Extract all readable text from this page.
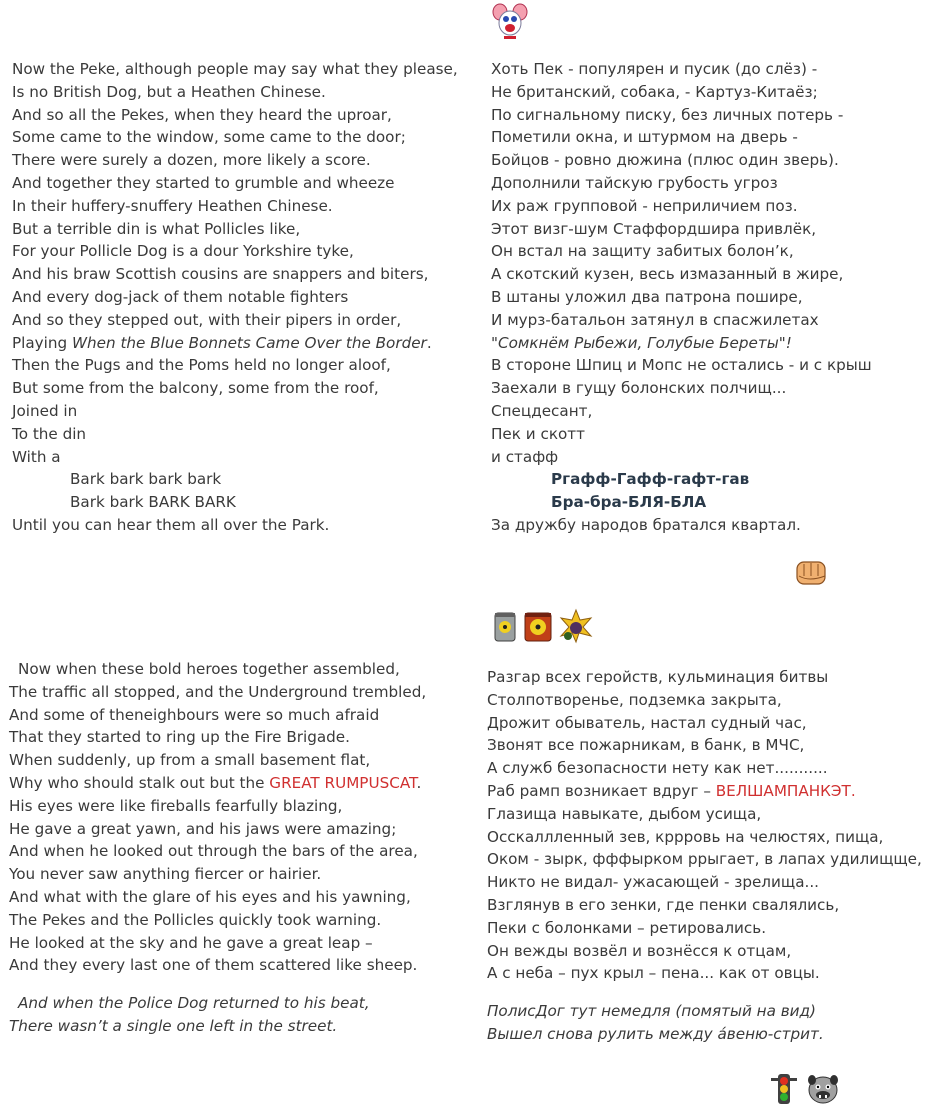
Now the Peke, although people may say what they please,
Is no British Dog, but a Heathen Chinese.
And so all the Pekes, when they heard the uproar,
Some came to the window, some came to the door;
There were surely a dozen, more likely a score.
And together they started to grumble and wheeze
In their huffery-snuffery Heathen Chinese.
But a terrible din is what Pollicles like,
For your Pollicle Dog is a dour Yorkshire tyke,
And his braw Scottish cousins are snappers and biters,
And every dog-jack of them notable fighters
And so they stepped out, with their pipers in order,
Playing When the Blue Bonnets Came Over the Border.
Then the Pugs and the Poms held no longer aloof,
But some from the balcony, some from the roof,
Joined in
To the din
With a
Bark bark bark bark
Bark bark BARK BARK
Until you can hear them all over the Park.
Хоть Пек - популярен и пусик (до слёз) -
Не британский, собака, - Картуз-Китаёз;
По сигнальному писку, без личных потерь -
Пометили окна, и штурмом на дверь -
Бойцов - ровно дюжина (плюс один зверь).
Дополнили тайскую грубость угроз
Их раж групповой - неприличием поз.
Этот визг-шум Стаффордшира привлёк,
Он встал на защиту забитых болон’к,
А скотский кузен, весь измазанный в жире,
В штаны уложил два патрона пошире,
И мурз-батальон затянул в спасжилетах
"Сомкнём Рыбежи, Голубые Береты"!
В стороне Шпиц и Мопс не остались - и с крыш
Заехали в гущу болонских полчищ...
Спецдесант,
Пек и скотт
и стафф
Ргафф-Гафф-гафт-гав
Бра-бра-БЛЯ-БЛА
За дружбу народов братался квартал.
Now when these bold heroes together assembled,
The traffic all stopped, and the Underground trembled,
And some of theneighbours were so much afraid
That they started to ring up the Fire Brigade.
When suddenly, up from a small basement flat,
Why who should stalk out but the GREAT RUMPUSCAT.
His eyes were like fireballs fearfully blazing,
He gave a great yawn, and his jaws were amazing;
And when he looked out through the bars of the area,
You never saw anything fiercer or hairier.
And what with the glare of his eyes and his yawning,
The Pekes and the Pollicles quickly took warning.
He looked at the sky and he gave a great leap –
And they every last one of them scattered like sheep.
And when the Police Dog returned to his beat,
There wasn’t a single one left in the street.
Разгар всех геройств, кульминация битвы
Столпотворенье, подземка закрыта,
Дрожит обыватель, настал судный час,
Звонят все пожарникам, в банк, в МЧС,
А служб безопасности нету как нет...........
Раб рамп возникает вдруг – ВЕЛШАМПАНКЭТ.
Глазища навыкате, дыбом усища,
Осскаллленный зев, кррровь на челюстях, пища,
Оком - зырк, фффыркoм ррыгает, в лапах удилищще,
Никто не видал- ужасающей - зрелища...
Взглянув в его зенки, где пенки свалялись,
Пеки с болонками – ретировались.
Он вежды возвёл и вознёсся к отцам,
А с неба – пух крыл – пена... как от овцы.
ПолисДог тут немедля (помятый на вид)
Вышел снова рулить между áвеню-стрит.
